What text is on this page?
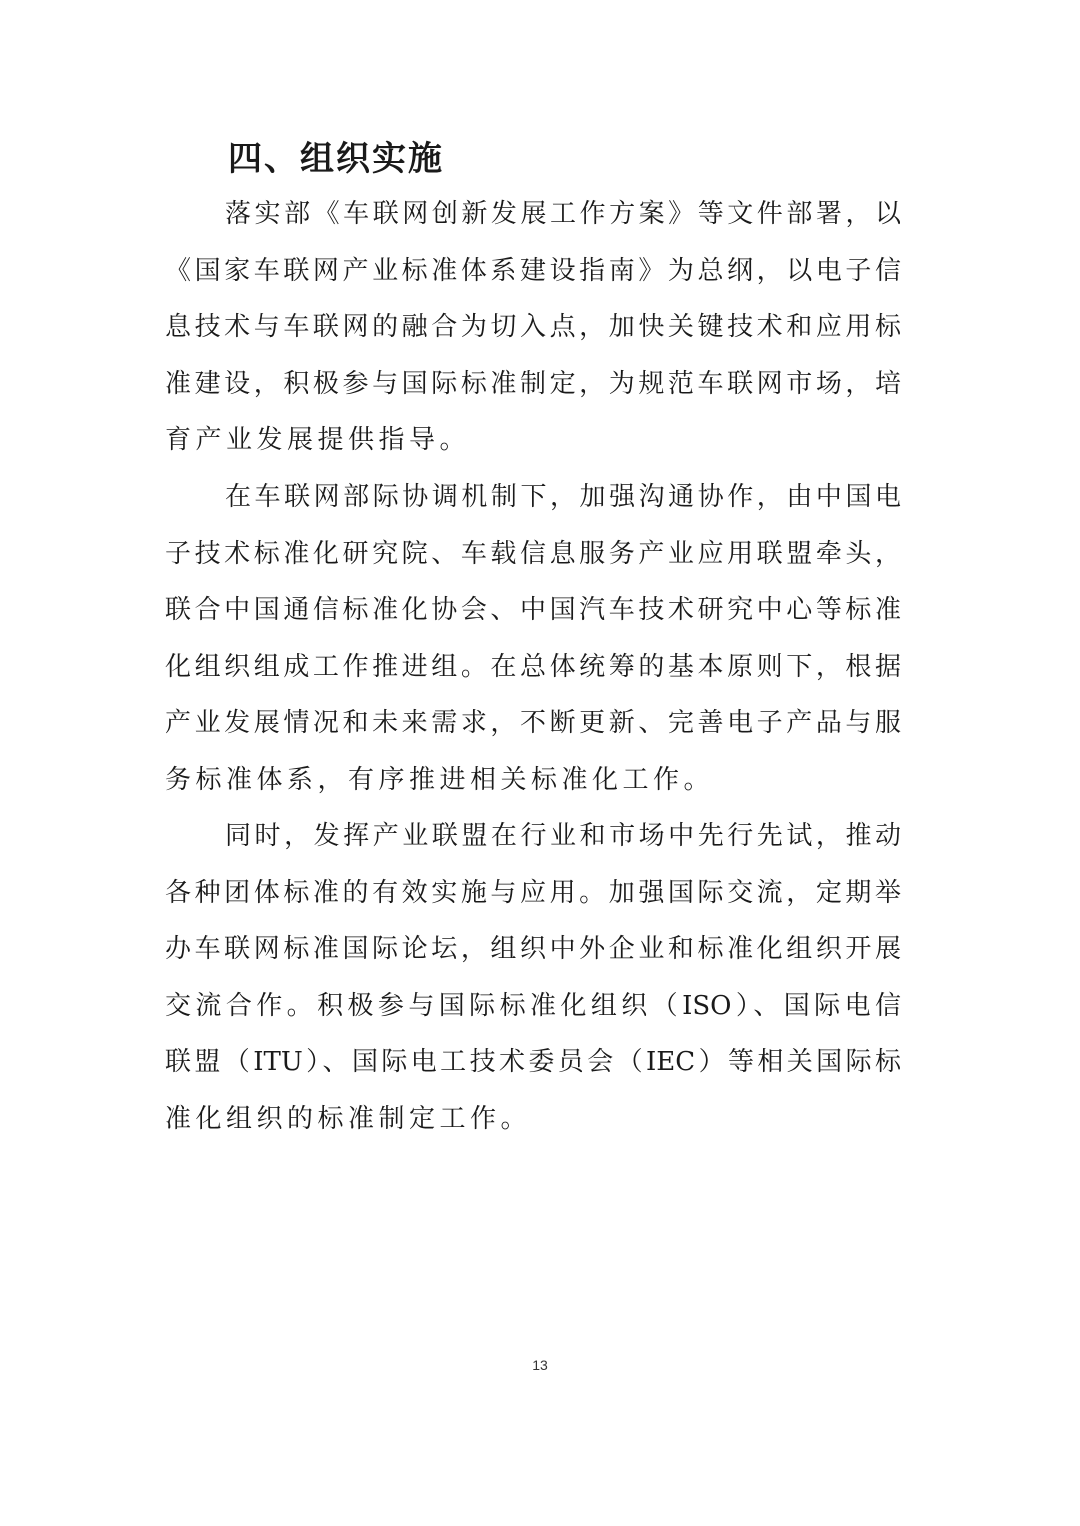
四、组织实施
落实部《车联网创新发展工作方案》等文件部署，以
《国家车联网产业标准体系建设指南》为总纲，以电子信
息技术与车联网的融合为切入点，加快关键技术和应用标
准建设，积极参与国际标准制定，为规范车联网市场，培
育产业发展提供指导。
在车联网部际协调机制下，加强沟通协作，由中国电
子技术标准化研究院、车载信息服务产业应用联盟牵头，
联合中国通信标准化协会、中国汽车技术研究中心等标准
化组织组成工作推进组。在总体统筹的基本原则下，根据
产业发展情况和未来需求，不断更新、完善电子产品与服
务标准体系，有序推进相关标准化工作。
同时，发挥产业联盟在行业和市场中先行先试，推动
各种团体标准的有效实施与应用。加强国际交流，定期举
办车联网标准国际论坛，组织中外企业和标准化组织开展
交流合作。积极参与国际标准化组织（ISO）、国际电信
联盟（ITU）、国际电工技术委员会（IEC）等相关国际标
准化组织的标准制定工作。
13
